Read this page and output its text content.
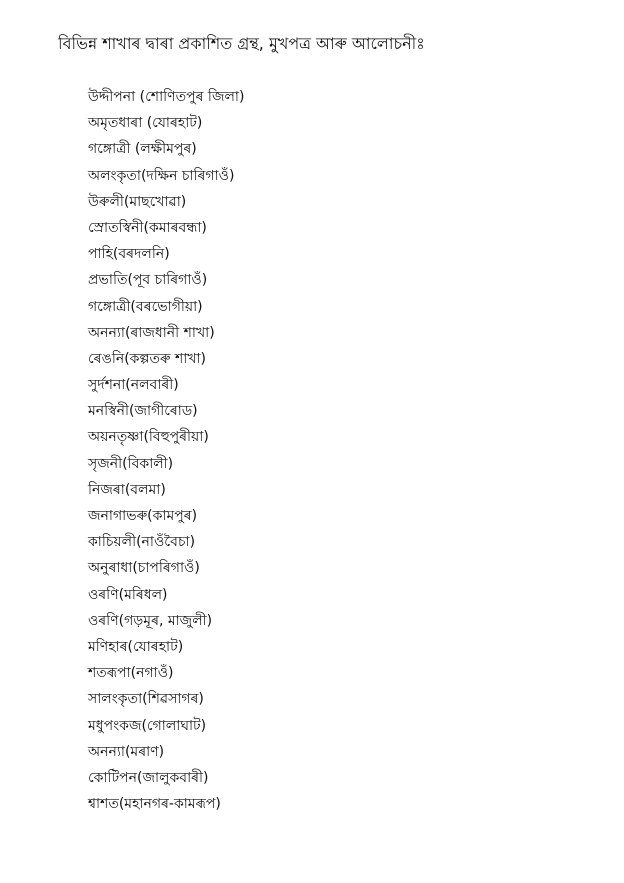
বিভিন্ন শাখাৰ দ্বাৰা প্ৰকাশিত গ্ৰন্থ, মুখপত্ৰ আৰু আলোচনীঃ
উদ্দীপনা (শোণিতপুৰ জিলা)
অমৃতধাৰা (যোৰহাট)
গঙ্গোত্ৰী (লক্ষীমপুৰ)
অলংকৃতা(দক্ষিন চাৰিগাওঁ)
উৰুলী(মাছখোৱা)
স্ৰোতস্বিনী(কমাৰবন্ধা)
পাহি(বৰদলনি)
প্ৰভাতি(পূব চাৰিগাওঁ)
গঙ্গোত্ৰী(বৰভোগীয়া)
অনন্যা(ৰাজধানী শাখা)
ৰেঙনি(কল্পতৰু শাখা)
সুৰ্দশনা(নলবাৰী)
মনস্বিনী(জাগীৰোড)
অয়নতৃষ্ণা(বিহুপুৰীয়া)
সৃজনী(বিকালী)
নিজৰা(বলমা)
জনাগাভৰু(কামপুৰ)
কাচিয়লী(নাওঁবৈচা)
অনুৰাধা(চাপৰিগাওঁ)
ওৰণি(মৰিধল)
ওৰণি(গড়মূৰ, মাজুলী)
মণিহাৰ(যোৰহাট)
শতৰূপা(নগাওঁ)
সালংকৃতা(শিৱসাগৰ)
মধুপংকজ(গোলাঘাট)
অনন্যা(মৰাণ)
কোটিপন(জালুকবাৰী)
শ্বাশত(মহানগৰ-কামৰূপ)
